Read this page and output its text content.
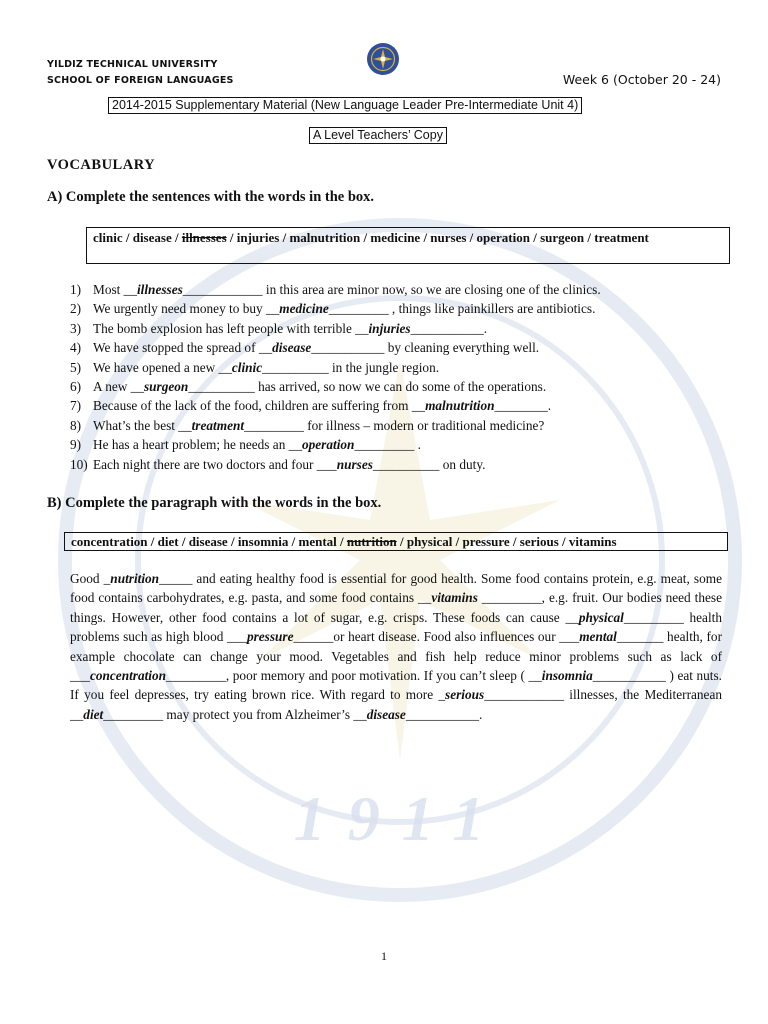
1911
YILDIZ TECHNICAL UNIVERSITY
SCHOOL OF FOREIGN LANGUAGES	Week 6 (October 20 - 24)
2014-2015 Supplementary Material (New Language Leader Pre-Intermediate Unit 4)
A Level Teachers’ Copy
VOCABULARY
A) Complete the sentences with the words in the box.
clinic / disease / illnesses / injuries / malnutrition / medicine / nurses / operation / surgeon / treatment
1) Most __illnesses____________ in this area are minor now, so we are closing one of the clinics.
2) We urgently need money to buy __medicine_________ , things like painkillers are antibiotics.
3) The bomb explosion has left people with terrible __injuries___________.
4) We have stopped the spread of __disease___________ by cleaning everything well.
5) We have opened a new __clinic__________ in the jungle region.
6) A new __surgeon__________ has arrived, so now we can do some of the operations.
7) Because of the lack of the food, children are suffering from __malnutrition________.
8) What’s the best __treatment_________ for illness – modern or traditional medicine?
9) He has a heart problem; he needs an __operation_________ .
10) Each night there are two doctors and four ___nurses__________ on duty.
B) Complete the paragraph with the words in the box.
concentration / diet / disease / insomnia / mental / nutrition / physical / pressure / serious / vitamins
Good _nutrition_____ and eating healthy food is essential for good health. Some food contains protein, e.g. meat, some food contains carbohydrates, e.g. pasta, and some food contains __vitamins _________, e.g. fruit. Our bodies need these things. However, other food contains a lot of sugar, e.g. crisps. These foods can cause __physical_________ health problems such as high blood ___pressure______or heart disease. Food also influences our ___mental_______ health, for example chocolate can change your mood. Vegetables and fish help reduce minor problems such as lack of ___concentration_________, poor memory and poor motivation. If you can’t sleep ( __insomnia___________ ) eat nuts. If you feel depresses, try eating brown rice. With regard to more _serious____________ illnesses, the Mediterranean __diet_________ may protect you from Alzheimer’s __disease___________.
1
